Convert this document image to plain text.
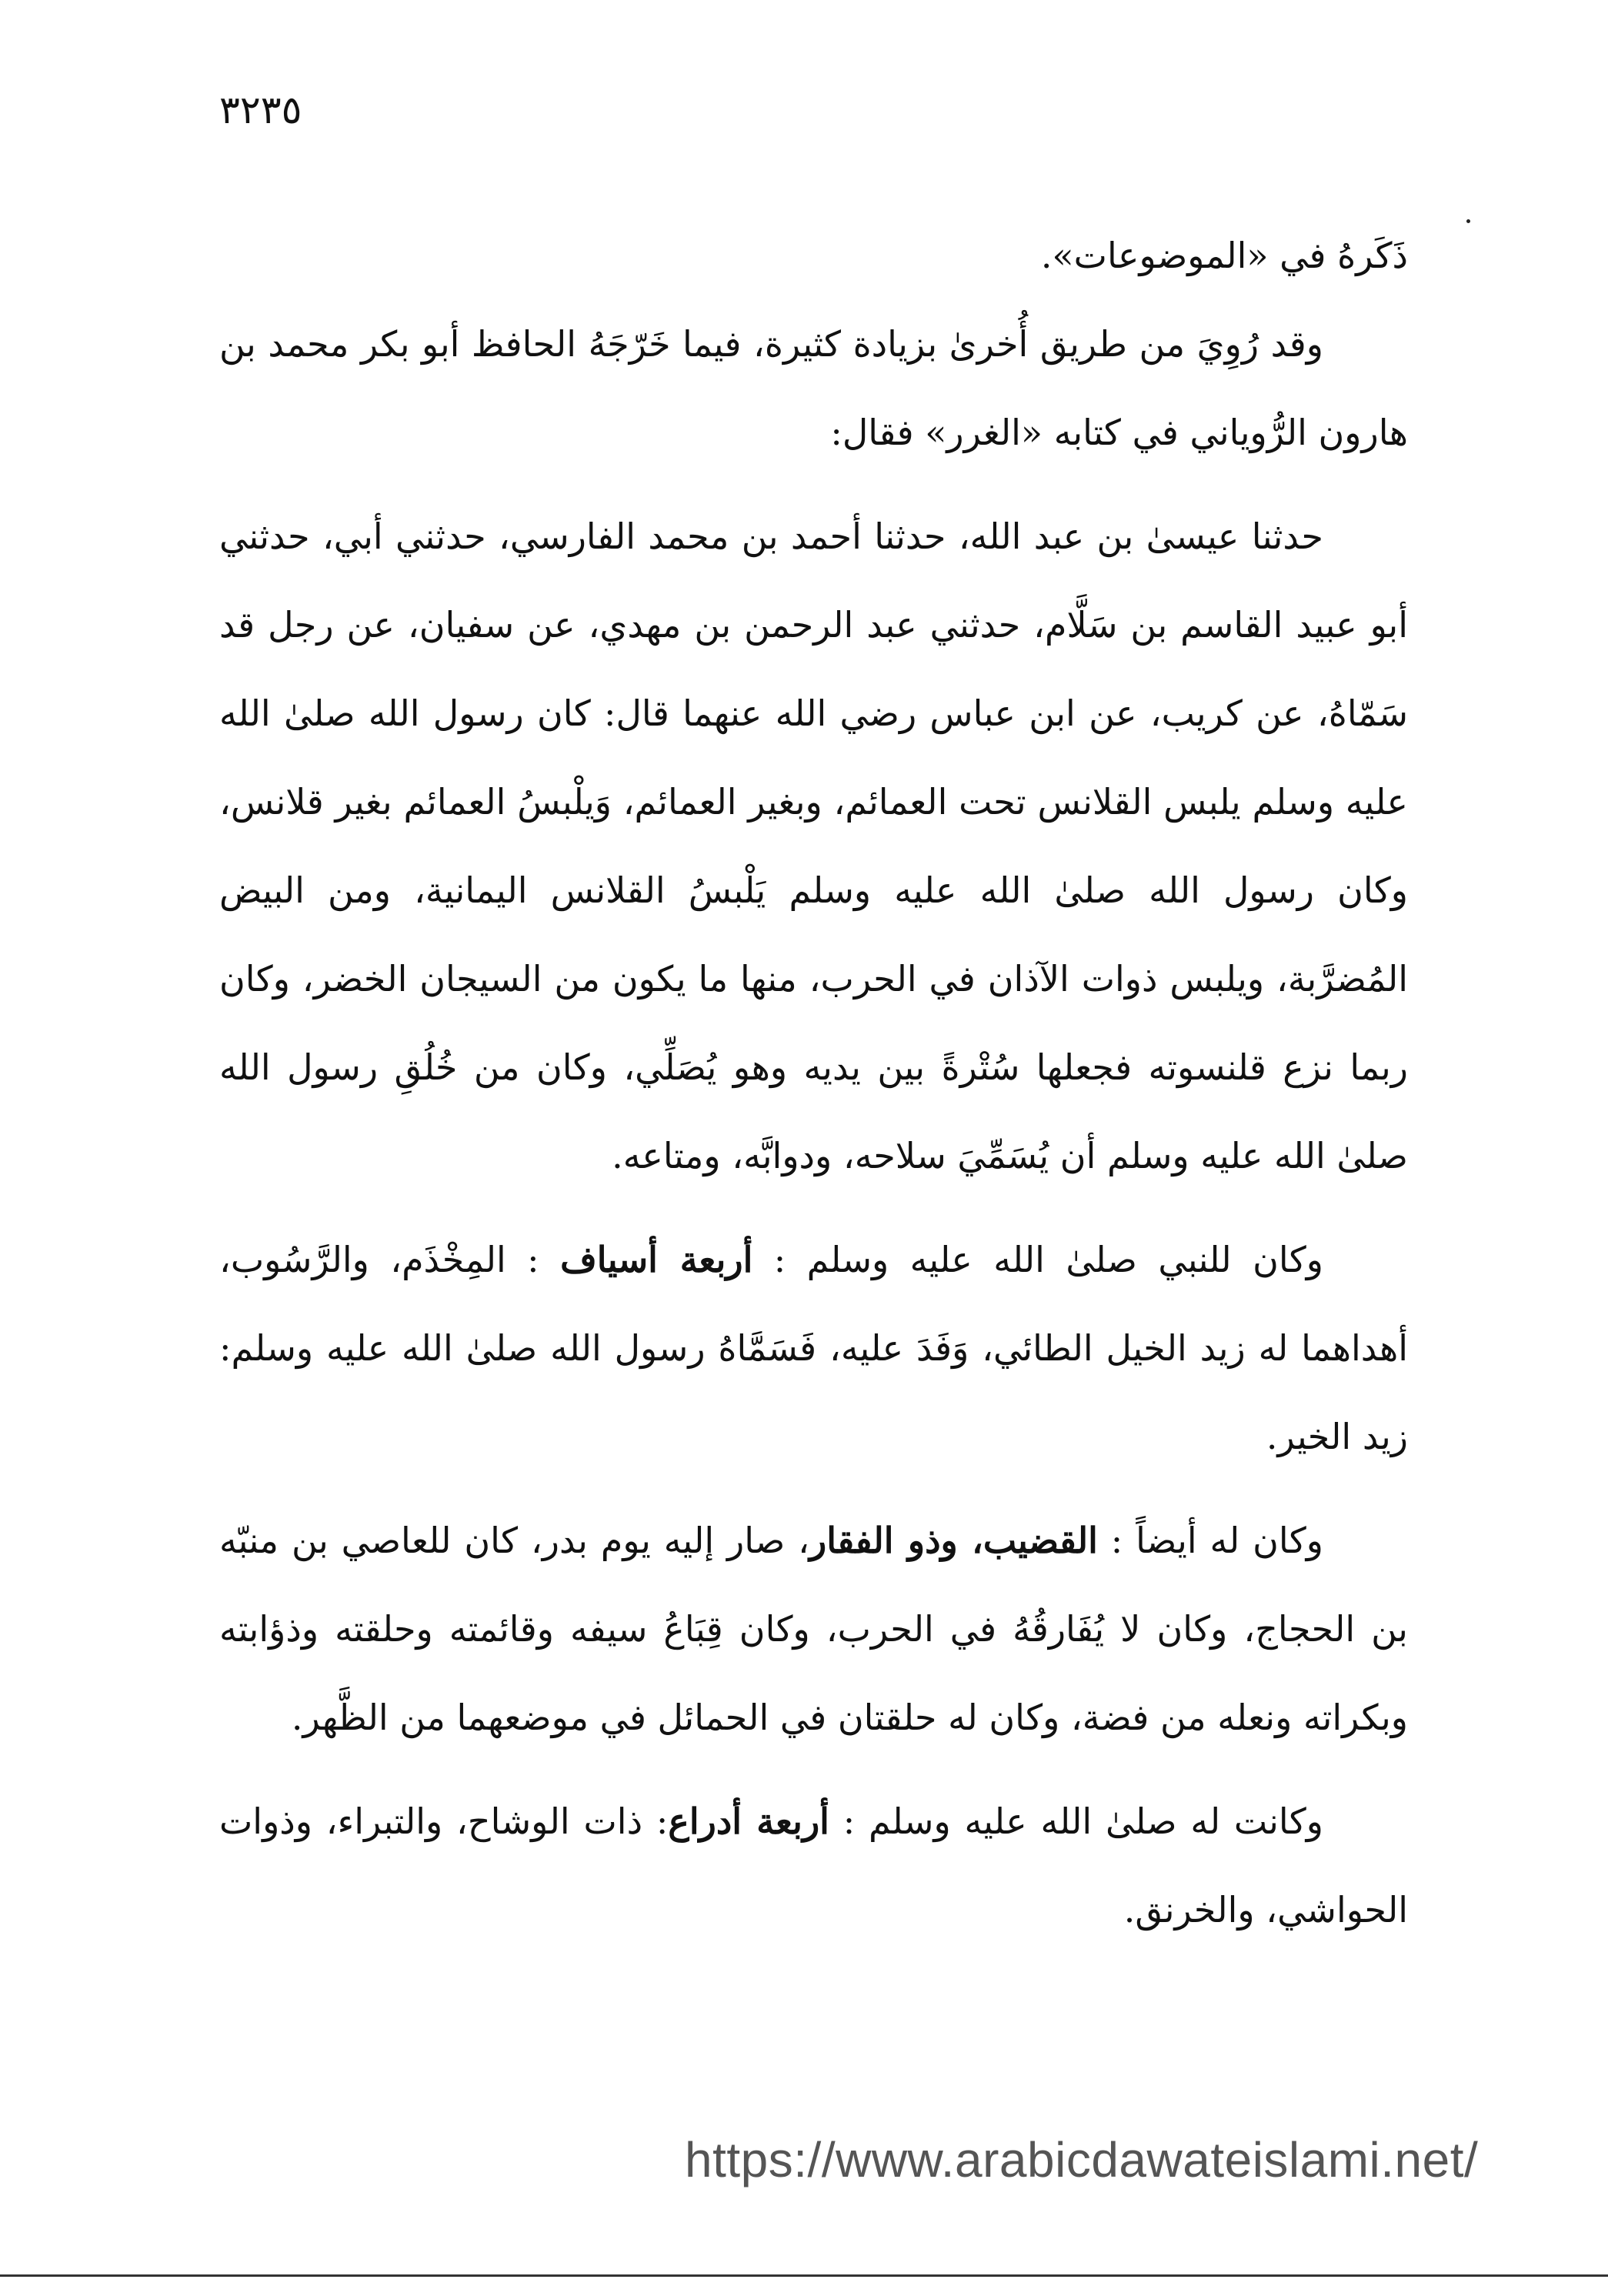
٣٢٣٥

ذَكَرهُ في «الموضوعات».

وقد رُوِيَ من طريق أُخرىٰ بزيادة كثيرة، فيما خَرّجَهُ الحافظ أبو بكر محمد بن هارون الرُّوياني في كتابه «الغرر» فقال:

حدثنا عيسىٰ بن عبد الله، حدثنا أحمد بن محمد الفارسي، حدثني أبي، حدثني أبو عبيد القاسم بن سَلَّام، حدثني عبد الرحمن بن مهدي، عن سفيان، عن رجل قد سَمّاهُ، عن كريب، عن ابن عباس رضي الله عنهما قال: كان رسول الله صلىٰ الله عليه وسلم يلبس القلانس تحت العمائم، وبغير العمائم، وَيلْبسُ العمائم بغير قلانس، وكان رسول الله صلىٰ الله عليه وسلم يَلْبسُ القلانس اليمانية، ومن البيض المُضرَّبة، ويلبس ذوات الآذان في الحرب، منها ما يكون من السيجان الخضر، وكان ربما نزع قلنسوته فجعلها سُتْرةً بين يديه وهو يُصَلِّي، وكان من خُلُقِ رسول الله صلىٰ الله عليه وسلم أن يُسَمِّيَ سلاحه، ودوابَّه، ومتاعه.

وكان للنبي صلىٰ الله عليه وسلم : أربعة أسياف : المِخْذَم، والرَّسُوب، أهداهما له زيد الخيل الطائي، وَفَدَ عليه، فَسَمَّاهُ رسول الله صلىٰ الله عليه وسلم: زيد الخير.

وكان له أيضاً : القضيب، وذو الفقار، صار إليه يوم بدر، كان للعاصي بن منبّه بن الحجاج، وكان لا يُفَارقُهُ في الحرب، وكان قِبَاعُ سيفه وقائمته وحلقته وذؤابته وبكراته ونعله من فضة، وكان له حلقتان في الحمائل في موضعهما من الظَّهر.

وكانت له صلىٰ الله عليه وسلم : أربعة أدراع: ذات الوشاح، والتبراء، وذوات الحواشي، والخرنق.

https://www.arabicdawateislami.net/
